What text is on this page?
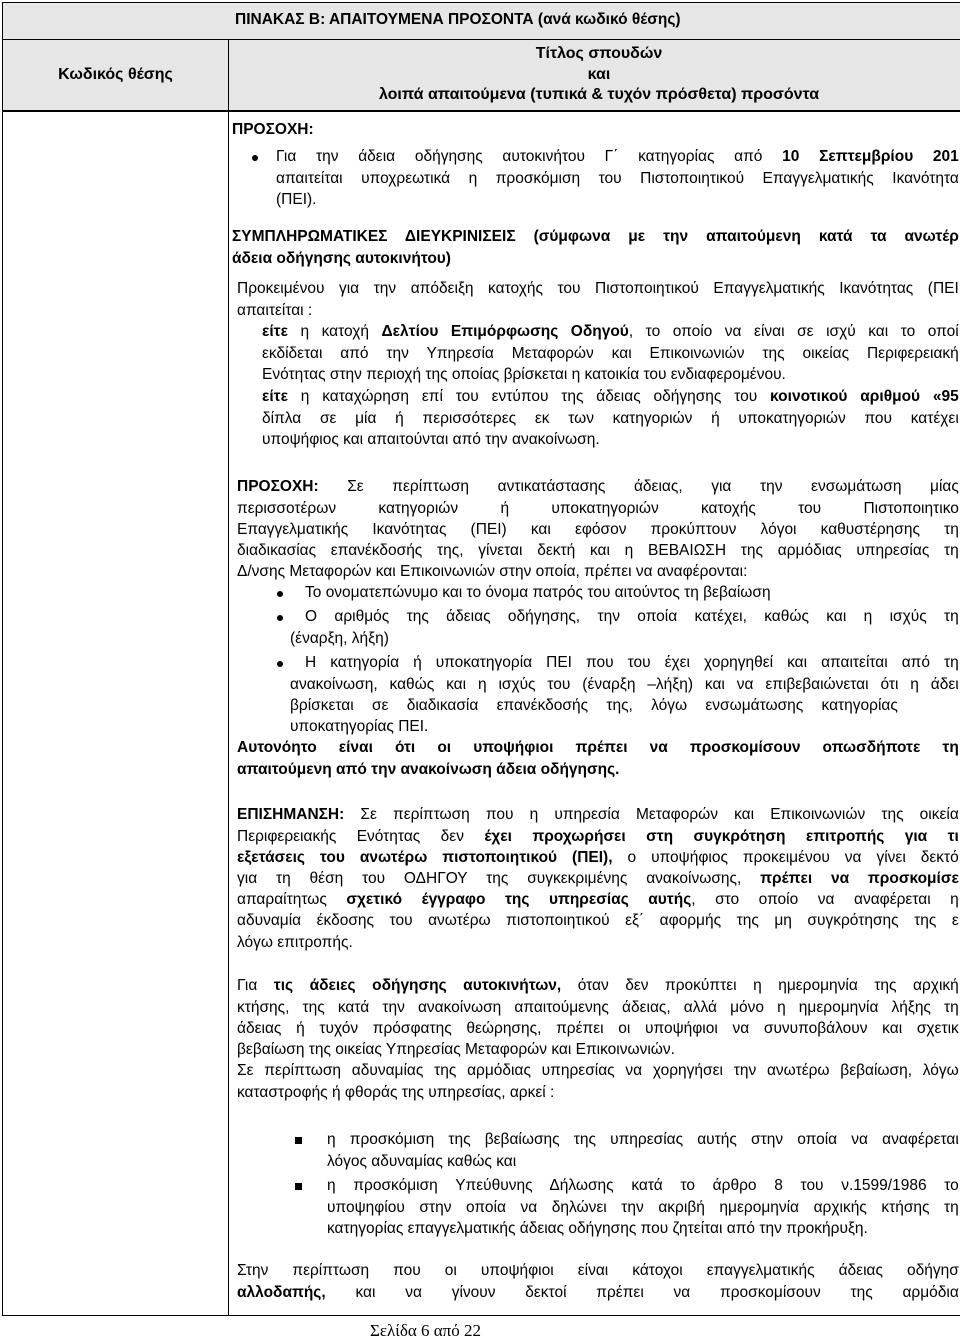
ΠΙΝΑΚΑΣ Β: ΑΠΑΙΤΟΥΜΕΝΑ ΠΡΟΣΟΝΤΑ (ανά κωδικό θέσης)
Κωδικός θέσης
Τίτλος σπουδών
και
λοιπά απαιτούμενα (τυπικά & τυχόν πρόσθετα) προσόντα
ΠΡΟΣΟΧΗ:
Για την άδεια οδήγησης αυτοκινήτου Γ΄ κατηγορίας από 10 Σεπτεμβρίου 201
απαιτείται υποχρεωτικά η προσκόμιση του Πιστοποιητικού Επαγγελματικής Ικανότητα
(ΠΕΙ).
ΣΥΜΠΛΗΡΩΜΑΤΙΚΕΣ ΔΙΕΥΚΡΙΝΙΣΕΙΣ (σύμφωνα με την απαιτούμενη κατά τα ανωτέρ
άδεια οδήγησης αυτοκινήτου)
Προκειμένου για την απόδειξη κατοχής του Πιστοποιητικού Επαγγελματικής Ικανότητας (ΠΕΙ
απαιτείται :
είτε η κατοχή Δελτίου Επιμόρφωσης Οδηγού, το οποίο να είναι σε ισχύ και το οποί
εκδίδεται από την Υπηρεσία Μεταφορών και Επικοινωνιών της οικείας Περιφερειακή
Ενότητας στην περιοχή της οποίας βρίσκεται η κατοικία του ενδιαφερομένου.
είτε η καταχώρηση επί του εντύπου της άδειας οδήγησης του κοινοτικού αριθμού «95
δίπλα σε μία ή περισσότερες εκ των κατηγοριών ή υποκατηγοριών που κατέχει
υποψήφιος και απαιτούνται από την ανακοίνωση.
ΠΡΟΣΟΧΗ: Σε περίπτωση αντικατάστασης άδειας, για την ενσωμάτωση μίας
περισσοτέρων κατηγοριών ή υποκατηγοριών κατοχής του Πιστοποιητικο
Επαγγελματικής Ικανότητας (ΠΕΙ) και εφόσον προκύπτουν λόγοι καθυστέρησης τη
διαδικασίας επανέκδοσής της, γίνεται δεκτή και η ΒΕΒΑΙΩΣΗ της αρμόδιας υπηρεσίας τη
Δ/νσης Μεταφορών και Επικοινωνιών στην οποία, πρέπει να αναφέρονται:
Το ονοματεπώνυμο και το όνομα πατρός του αιτούντος τη βεβαίωση
Ο αριθμός της άδειας οδήγησης, την οποία κατέχει, καθώς και η ισχύς τη
(έναρξη, λήξη)
Η κατηγορία ή υποκατηγορία ΠΕΙ που του έχει χορηγηθεί και απαιτείται από τη
ανακοίνωση, καθώς και η ισχύς του (έναρξη –λήξη) και να επιβεβαιώνεται ότι η άδει
βρίσκεται σε διαδικασία επανέκδοσής της, λόγω ενσωμάτωσης κατηγορίας
υποκατηγορίας ΠΕΙ.
Αυτονόητο είναι ότι οι υποψήφιοι πρέπει να προσκομίσουν οπωσδήποτε τη
απαιτούμενη από την ανακοίνωση άδεια οδήγησης.
ΕΠΙΣΗΜΑΝΣΗ: Σε περίπτωση που η υπηρεσία Μεταφορών και Επικοινωνιών της οικεία
Περιφερειακής Ενότητας δεν έχει προχωρήσει στη συγκρότηση επιτροπής για τι
εξετάσεις του ανωτέρω πιστοποιητικού (ΠΕΙ), ο υποψήφιος προκειμένου να γίνει δεκτό
για τη θέση του ΟΔΗΓΟΥ της συγκεκριμένης ανακοίνωσης, πρέπει να προσκομίσε
απαραίτητως σχετικό έγγραφο της υπηρεσίας αυτής, στο οποίο να αναφέρεται η
αδυναμία έκδοσης του ανωτέρω πιστοποιητικού εξ΄ αφορμής της μη συγκρότησης της ε
λόγω επιτροπής.
Για τις άδειες οδήγησης αυτοκινήτων, όταν δεν προκύπτει η ημερομηνία της αρχική
κτήσης, της κατά την ανακοίνωση απαιτούμενης άδειας, αλλά μόνο η ημερομηνία λήξης τη
άδειας ή τυχόν πρόσφατης θεώρησης, πρέπει οι υποψήφιοι να συνυποβάλουν και σχετικ
βεβαίωση της οικείας Υπηρεσίας Μεταφορών και Επικοινωνιών.
Σε περίπτωση αδυναμίας της αρμόδιας υπηρεσίας να χορηγήσει την ανωτέρω βεβαίωση, λόγω
καταστροφής ή φθοράς της υπηρεσίας, αρκεί :
η προσκόμιση της βεβαίωσης της υπηρεσίας αυτής στην οποία να αναφέρεται
λόγος αδυναμίας καθώς και
η προσκόμιση Υπεύθυνης Δήλωσης κατά το άρθρο 8 του ν.1599/1986 το
υποψηφίου στην οποία να δηλώνει την ακριβή ημερομηνία αρχικής κτήσης τη
κατηγορίας επαγγελματικής άδειας οδήγησης που ζητείται από την προκήρυξη.
Στην περίπτωση που οι υποψήφιοι είναι κάτοχοι επαγγελματικής άδειας οδήγησ
αλλοδαπής, και να γίνουν δεκτοί πρέπει να προσκομίσουν της αρμόδια
Σελίδα 6 από 22
